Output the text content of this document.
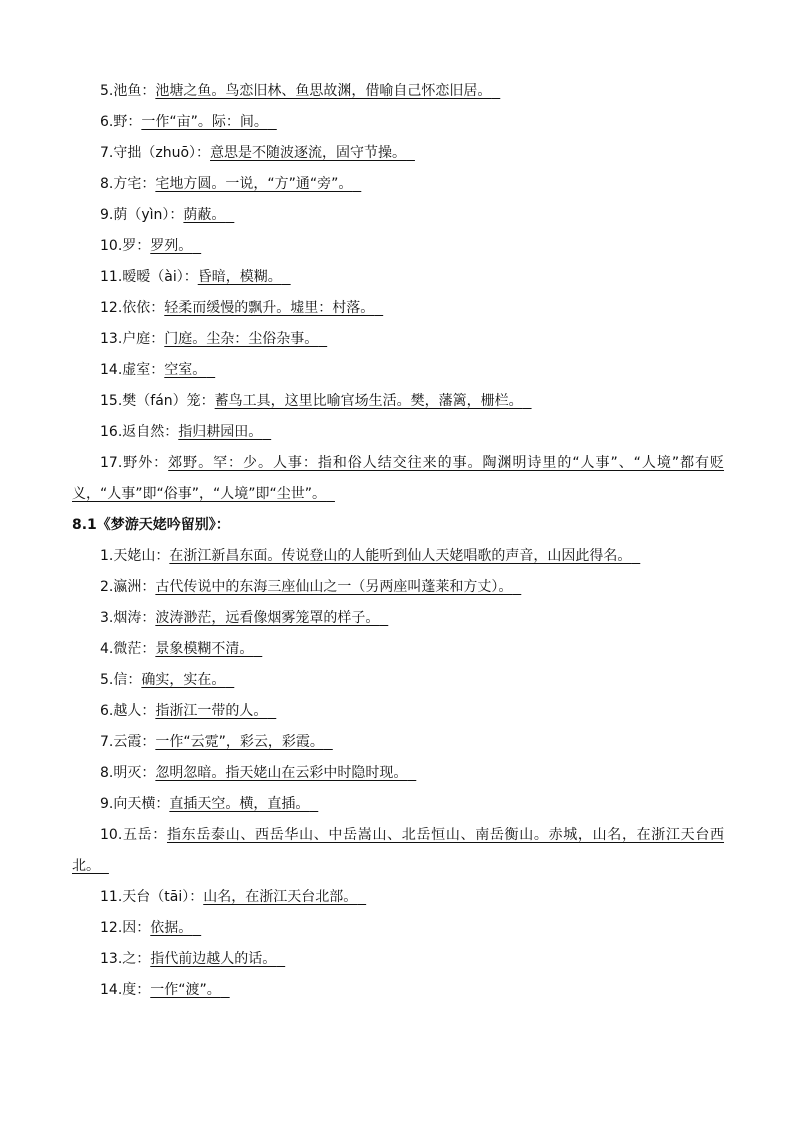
5.池鱼：池塘之鱼。鸟恋旧林、鱼思故渊，借喻自己怀恋旧居。
6.野：一作“亩”。际：间。
7.守拙（zhuō）：意思是不随波逐流，固守节操。
8.方宅：宅地方圆。一说，“方”通“旁”。
9.荫（yìn）：荫蔽。
10.罗：罗列。
11.暧暧（ài）：昏暗，模糊。
12.依依：轻柔而缓慢的飘升。墟里：村落。
13.户庭：门庭。尘杂：尘俗杂事。
14.虚室：空室。
15.樊（fán）笼：蓄鸟工具，这里比喻官场生活。樊，藩篱，栅栏。
16.返自然：指归耕园田。
17.野外：郊野。罕：少。人事：指和俗人结交往来的事。陶渊明诗里的“人事”、“人境”都有贬义，“人事”即“俗事”，“人境”即“尘世”。
8.1《梦游天姥吟留别》：
1.天姥山：在浙江新昌东面。传说登山的人能听到仙人天姥唱歌的声音，山因此得名。
2.瀛洲：古代传说中的东海三座仙山之一（另两座叫蓬莱和方丈）。
3.烟涛：波涛渺茫，远看像烟雾笼罩的样子。
4.微茫：景象模糊不清。
5.信：确实，实在。
6.越人：指浙江一带的人。
7.云霞：一作“云霓”，彩云，彩霞。
8.明灭：忽明忽暗。指天姥山在云彩中时隐时现。
9.向天横：直插天空。横，直插。
10.五岳：指东岳泰山、西岳华山、中岳嵩山、北岳恒山、南岳衡山。赤城，山名，在浙江天台西北。
11.天台（tāi）：山名，在浙江天台北部。
12.因：依据。
13.之：指代前边越人的话。
14.度：一作“渡”。
